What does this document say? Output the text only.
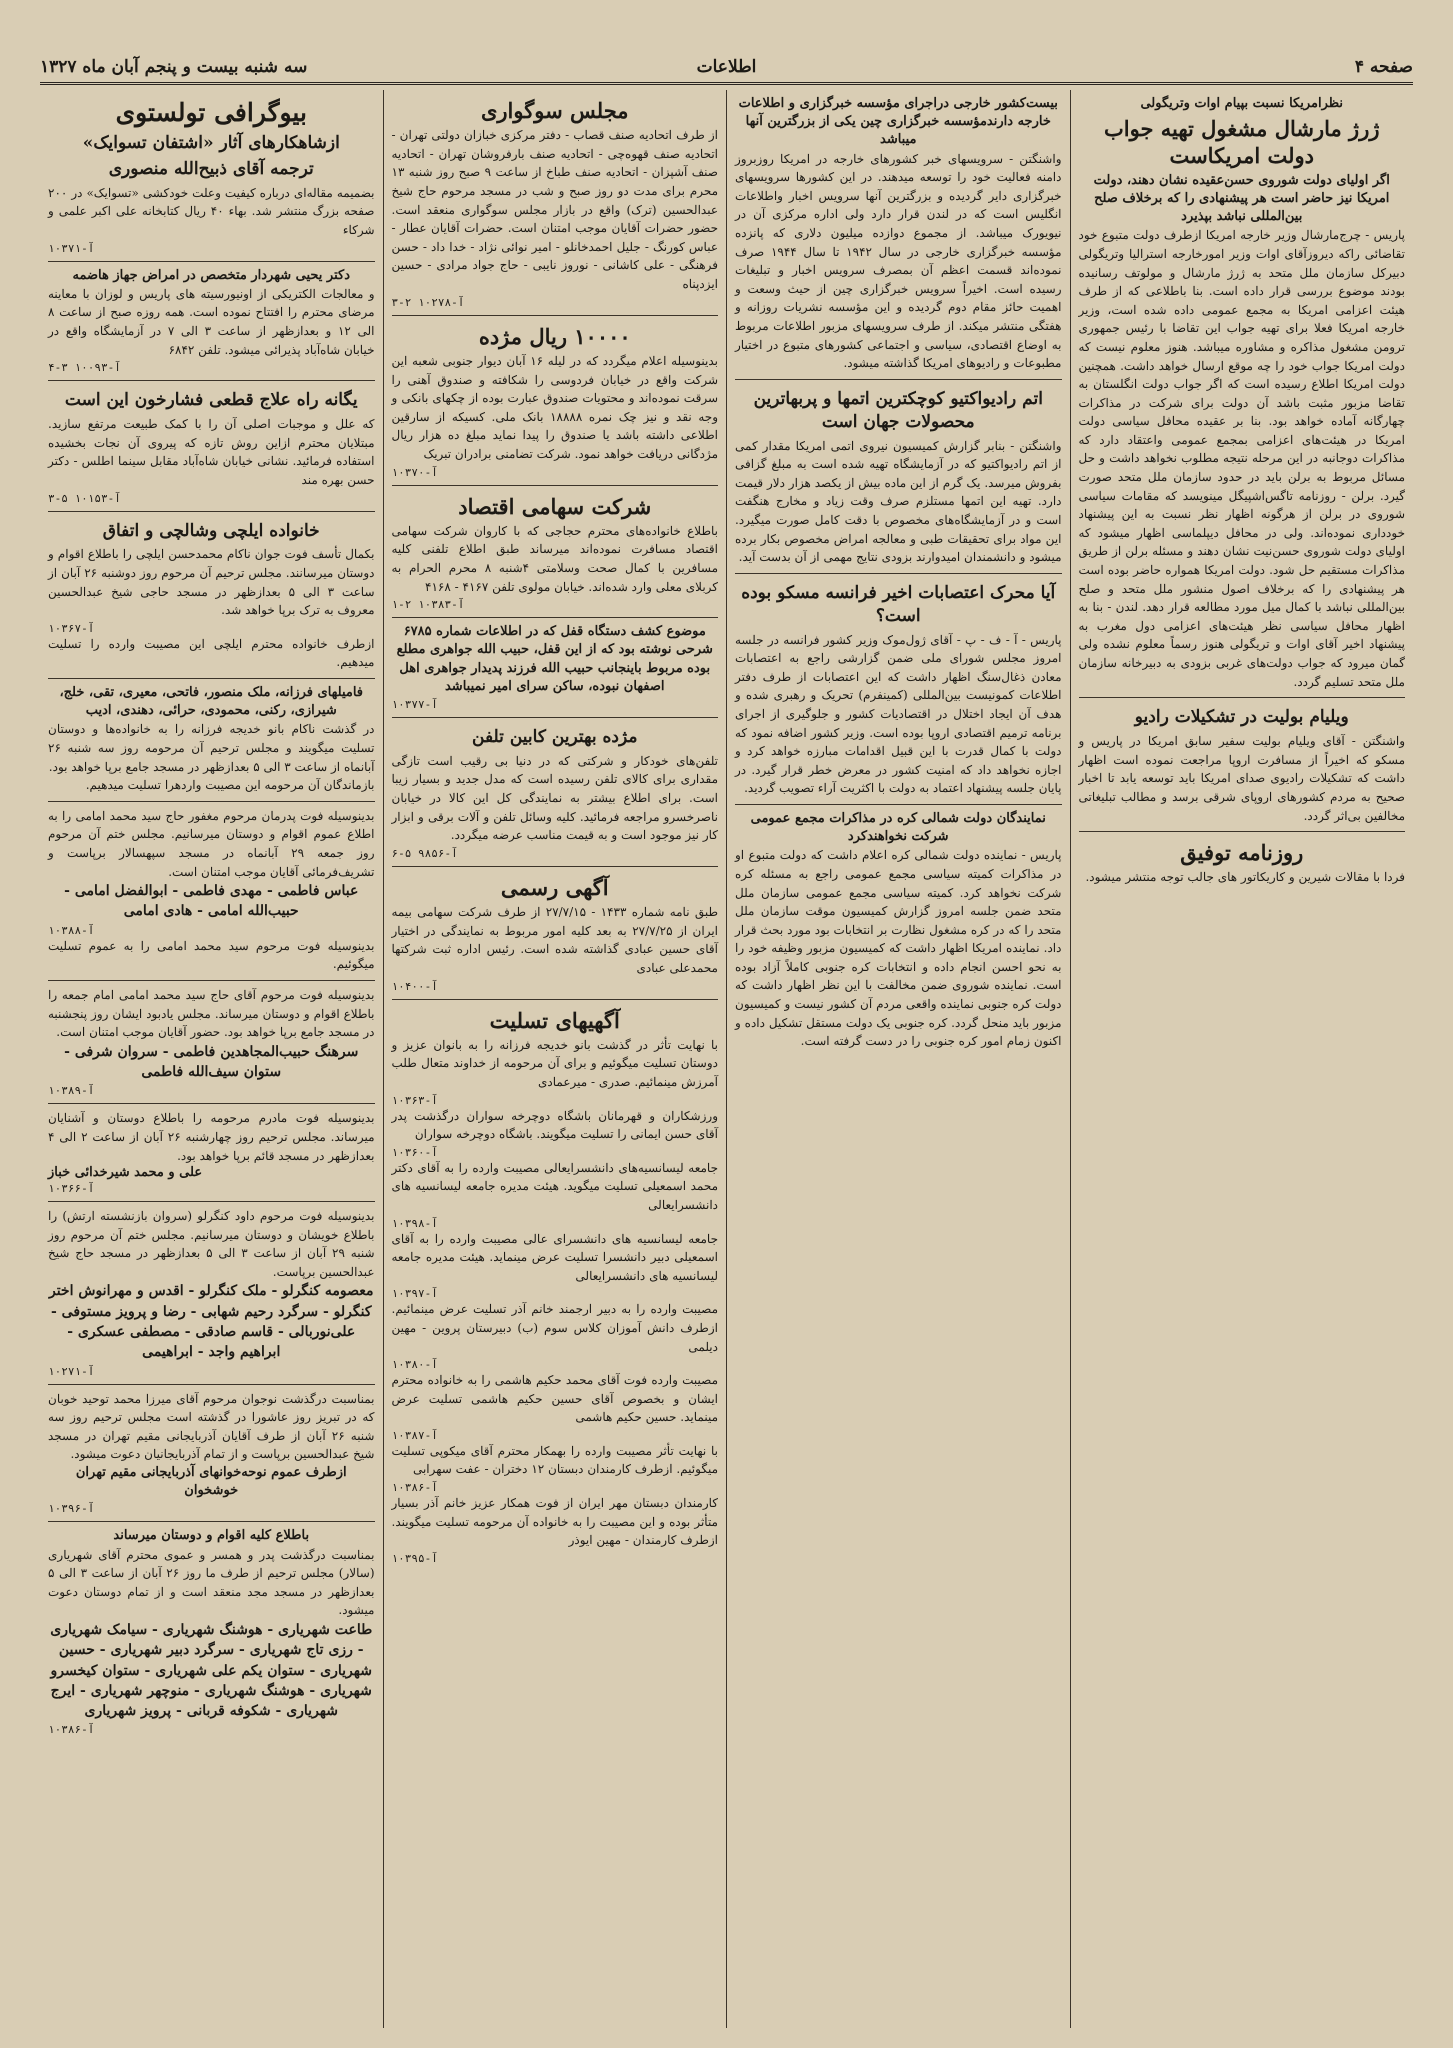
صفحه ۴
اطلاعات
سه شنبه بیست و پنجم آبان ماه ۱۳۲۷
نظرامریکا نسبت بپیام اوات وتریگولی
ژرژ مارشال مشغول تهیه جواب دولت امریکاست
اگر اولیای دولت شوروی حسن‌عقیده نشان دهند، دولت امریکا نیز حاضر است هر پیشنهادی را که برخلاف صلح بین‌المللی نباشد بپذیرد

پاریس - چرج‌مارشال وزیر خارجه امریکا ازطرف دولت متبوع خود تقاضائی راکه دیروزآقای اوات وزیر امورخارجه استرالیا وتریگولی دبیرکل سازمان ملل متحد به ژرژ مارشال و مولوتف رسانیده بودند موضوع بررسی قرار داده است. بنا باطلاعی که از طرف هیئت اعزامی امریکا به مجمع عمومی داده شده است، وزیر خارجه امریکا فعلا برای تهیه جواب این تقاضا با رئیس جمهوری ترومن مشغول مذاکره و مشاوره میباشد. هنوز معلوم نیست که دولت امریکا جواب خود را چه موقع ارسال خواهد داشت. همچنین دولت امریکا اطلاع رسیده است که اگر جواب دولت انگلستان به تقاضا مزبور مثبت باشد آن دولت برای شرکت در مذاکرات چهارگانه آماده خواهد بود. بنا بر عقیده محافل سیاسی دولت امریکا در هیئت‌های اعزامی بمجمع عمومی واعتقاد دارد که مذاکرات دوجانبه در این مرحله نتیجه مطلوب نخواهد داشت و حل مسائل مربوط به برلن باید در حدود سازمان ملل متحد صورت گیرد. برلن - روزنامه تاگس‌اشپیگل مینویسد که مقامات سیاسی شوروی در برلن از هرگونه اظهار نظر نسبت به این پیشنهاد خودداری نموده‌اند. ولی در محافل دیپلماسی اظهار میشود که اولیای دولت شوروی حسن‌نیت نشان دهند و مسئله برلن از طریق مذاکرات مستقیم حل شود. دولت امریکا همواره حاضر بوده است هر پیشنهادی را که برخلاف اصول منشور ملل متحد و صلح بین‌المللی نباشد با کمال میل مورد مطالعه قرار دهد. لندن - بنا به اظهار محافل سیاسی نظر هیئت‌های اعزامی دول مغرب به پیشنهاد اخیر آقای اوات و تریگولی هنوز رسماً معلوم نشده ولی گمان میرود که جواب دولت‌های غربی بزودی به دبیرخانه سازمان ملل متحد تسلیم گردد.

ویلیام بولیت در تشکیلات رادیو

واشنگتن - آقای ویلیام بولیت سفیر سابق امریکا در پاریس و مسکو که اخیراً از مسافرت اروپا مراجعت نموده است اظهار داشت که تشکیلات رادیوی صدای امریکا باید توسعه یابد تا اخبار صحیح به مردم کشورهای اروپای شرقی برسد و مطالب تبلیغاتی مخالفین بی‌اثر گردد.

روزنامه توفیق

فردا با مقالات شیرین و کاریکاتور های جالب توجه منتشر میشود.

بیست‌کشور خارجی دراجرای مؤسسه خبرگزاری و اطلاعات خارجه دارندمؤسسه خبرگزاری چین یکی از بزرگترین آنها میباشد

واشنگتن - سرویسهای خبر کشورهای خارجه در امریکا روزبروز دامنه فعالیت خود را توسعه میدهند. در این کشورها سرویسهای خبرگزاری دایر گردیده و بزرگترین آنها سرویس اخبار واطلاعات انگلیس است که در لندن قرار دارد ولی اداره مرکزی آن در نیویورک میباشد. از مجموع دوازده میلیون دلاری که پانزده مؤسسه خبرگزاری خارجی در سال ۱۹۴۲ تا سال ۱۹۴۴ صرف نموده‌اند قسمت اعظم آن بمصرف سرویس اخبار و تبلیغات رسیده است. اخیراً سرویس خبرگزاری چین از حیث وسعت و اهمیت حائز مقام دوم گردیده و این مؤسسه نشریات روزانه و هفتگی منتشر میکند. از طرف سرویسهای مزبور اطلاعات مربوط به اوضاع اقتصادی، سیاسی و اجتماعی کشورهای متبوع در اختیار مطبوعات و رادیوهای امریکا گذاشته میشود.

اتم رادیواکتیو کوچکترین اتمها و پربهاترین محصولات جهان است

واشنگتن - بنابر گزارش کمیسیون نیروی اتمی امریکا مقدار کمی از اتم رادیواکتیو که در آزمایشگاه تهیه شده است به مبلغ گزافی بفروش میرسد. یک گرم از این ماده بیش از یکصد هزار دلار قیمت دارد. تهیه این اتمها مستلزم صرف وقت زیاد و مخارج هنگفت است و در آزمایشگاه‌های مخصوص با دقت کامل صورت میگیرد. این مواد برای تحقیقات طبی و معالجه امراض مخصوص بکار برده میشود و دانشمندان امیدوارند بزودی نتایج مهمی از آن بدست آید.

آیا محرک اعتصابات اخیر فرانسه مسکو بوده است؟

پاریس - آ - ف - پ - آقای ژول‌موک وزیر کشور فرانسه در جلسه امروز مجلس شورای ملی ضمن گزارشی راجع به اعتصابات معادن ذغال‌سنگ اظهار داشت که این اعتصابات از طرف دفتر اطلاعات کمونیست بین‌المللی (کمینفرم) تحریک و رهبری شده و هدف آن ایجاد اختلال در اقتصادیات کشور و جلوگیری از اجرای برنامه ترمیم اقتصادی اروپا بوده است. وزیر کشور اضافه نمود که دولت با کمال قدرت با این قبیل اقدامات مبارزه خواهد کرد و اجازه نخواهد داد که امنیت کشور در معرض خطر قرار گیرد. در پایان جلسه پیشنهاد اعتماد به دولت با اکثریت آراء تصویب گردید.

نمایندگان دولت شمالی کره در مذاکرات مجمع عمومی شرکت نخواهندکرد

پاریس - نماینده دولت شمالی کره اعلام داشت که دولت متبوع او در مذاکرات کمیته سیاسی مجمع عمومی راجع به مسئله کره شرکت نخواهد کرد. کمیته سیاسی مجمع عمومی سازمان ملل متحد ضمن جلسه امروز گزارش کمیسیون موقت سازمان ملل متحد را که در کره مشغول نظارت بر انتخابات بود مورد بحث قرار داد. نماینده امریکا اظهار داشت که کمیسیون مزبور وظیفه خود را به نحو احسن انجام داده و انتخابات کره جنوبی کاملاً آزاد بوده است. نماینده شوروی ضمن مخالفت با این نظر اظهار داشت که دولت کره جنوبی نماینده واقعی مردم آن کشور نیست و کمیسیون مزبور باید منحل گردد. کره جنوبی یک دولت مستقل تشکیل داده و اکنون زمام امور کره جنوبی را در دست گرفته است.

مجلس سوگواری

از طرف اتحادیه صنف قصاب - دفتر مرکزی خبازان دولتی تهران - اتحادیه صنف قهوه‌چی - اتحادیه صنف بارفروشان تهران - اتحادیه صنف آشپزان - اتحادیه صنف طباخ از ساعت ۹ صبح روز شنبه ۱۳ محرم برای مدت دو روز صبح و شب در مسجد مرحوم حاج شیخ عبدالحسین (ترک) واقع در بازار مجلس سوگواری منعقد است. حضور حضرات آقایان موجب امتنان است. حضرات آقایان عطار - عباس کورنگ - جلیل احمدخانلو - امیر نوائی نژاد - خدا داد - حسن فرهنگی - علی کاشانی - نوروز نایبی - حاج جواد مرادی - حسین ایزدپناه

آ-۱۰۲۷۸ ۲-۳
۱۰۰۰۰ ریال مژده

بدینوسیله اعلام میگردد که در لیله ۱۶ آبان دیوار جنوبی شعبه این شرکت واقع در خیابان فردوسی را شکافته و صندوق آهنی را سرقت نموده‌اند و محتویات صندوق عبارت بوده از چکهای بانکی و وجه نقد و نیز چک نمره ۱۸۸۸۸ بانک ملی. کسیکه از سارقین اطلاعی داشته باشد یا صندوق را پیدا نماید مبلغ ده هزار ریال مژدگانی دریافت خواهد نمود. شرکت تضامنی برادران تبریک

آ-۱۰۳۷۰
شرکت سهامی اقتصاد

باطلاع خانواده‌های محترم حجاجی که با کاروان شرکت سهامی اقتصاد مسافرت نموده‌اند میرساند طبق اطلاع تلفنی کلیه مسافرین با کمال صحت وسلامتی ۴شنبه ۸ محرم الحرام به کربلای معلی وارد شده‌اند. خیابان مولوی تلفن ۴۱۶۷ - ۴۱۶۸

آ-۱۰۳۸۳ ۲-۱
موضوع کشف دستگاه قفل که در اطلاعات شماره ۶۷۸۵ شرحی نوشته بود که از این قفل، حبیب الله جواهری مطلع بوده مربوط باینجانب حبیب الله فرزند پدیدار جواهری اهل اصفهان نبوده، ساکن سرای امیر نمیباشد
آ-۱۰۳۷۷
مژده بهترین کابین تلفن

تلفن‌های خودکار و شرکتی که در دنیا بی رقیب است تازگی مقداری برای کالای تلفن رسیده است که مدل جدید و بسیار زیبا است. برای اطلاع بیشتر به نمایندگی کل این کالا در خیابان ناصرخسرو مراجعه فرمائید. کلیه وسائل تلفن و آلات برقی و ابزار کار نیز موجود است و به قیمت مناسب عرضه میگردد.

آ-۹۸۵۶ ۵-۶
آگهی رسمی

طبق نامه شماره ۱۴۳۳ - ۲۷/۷/۱۵ از طرف شرکت سهامی بیمه ایران از ۲۷/۷/۲۵ به بعد کلیه امور مربوط به نمایندگی در اختیار آقای حسین عبادی گذاشته شده است. رئیس اداره ثبت شرکتها محمدعلی عبادی

آ-۱۰۴۰۰
آگهیهای تسلیت

با نهایت تأثر در گذشت بانو خدیجه فرزانه را به بانوان عزیز و دوستان تسلیت میگوئیم و برای آن مرحومه از خداوند متعال طلب آمرزش مینمائیم. صدری - میرعمادی

آ-۱۰۳۶۳

ورزشکاران و قهرمانان باشگاه دوچرخه سواران درگذشت پدر آقای حسن ایمانی را تسلیت میگویند. باشگاه دوچرخه سواران

آ-۱۰۳۶۰

جامعه لیسانسیه‌های دانشسرایعالی مصیبت وارده را به آقای دکتر محمد اسمعیلی تسلیت میگوید. هیئت مدیره جامعه لیسانسیه های دانشسرایعالی

آ-۱۰۳۹۸

جامعه لیسانسیه های دانشسرای عالی مصیبت وارده را به آقای اسمعیلی دبیر دانشسرا تسلیت عرض مینماید. هیئت مدیره جامعه لیسانسیه های دانشسرایعالی

آ-۱۰۳۹۷

مصیبت وارده را به دبیر ارجمند خانم آذر تسلیت عرض مینمائیم. ازطرف دانش آموزان کلاس سوم (ب) دبیرستان پروین - مهین دیلمی

آ-۱۰۳۸۰

مصیبت وارده فوت آقای محمد حکیم هاشمی را به خانواده محترم ایشان و بخصوص آقای حسین حکیم هاشمی تسلیت عرض مینماید. حسین حکیم هاشمی

آ-۱۰۳۸۷

با نهایت تأثر مصیبت وارده را بهمکار محترم آقای میکوپی تسلیت میگوئیم. ازطرف کارمندان دبستان ۱۲ دختران - عفت سهرابی

آ-۱۰۳۸۶

کارمندان دبستان مهر ایران از فوت همکار عزیز خانم آذر بسیار متأثر بوده و این مصیبت را به خانواده آن مرحومه تسلیت میگویند. ازطرف کارمندان - مهین ایوذر

آ-۱۰۳۹۵
بیوگرافی تولستوی
ازشاهکارهای آثار «اشتفان تسوایک»
ترجمه آقای ذبیح‌الله منصوری

بضمیمه مقاله‌ای درباره کیفیت وعلت خودکشی «تسوایک» در ۲۰۰ صفحه بزرگ منتشر شد. بهاء ۴۰ ریال کتابخانه علی اکبر علمی و شرکاء

آ-۱۰۳۷۱
دکتر یحیی شهردار متخصص در امراض جهاز هاضمه

و معالجات الکتریکی از اونیورسیته های پاریس و لوزان با معاینه مرضای محترم را افتتاح نموده است. همه روزه صبح از ساعت ۸ الی ۱۲ و بعدازظهر از ساعت ۳ الی ۷ در آزمایشگاه واقع در خیابان شاه‌آباد پذیرائی میشود. تلفن ۶۸۴۲

آ-۱۰۰۹۳ ۳-۴
یگانه راه علاج قطعی فشارخون این است

که علل و موجبات اصلی آن را با کمک طبیعت مرتفع سازید. مبتلایان محترم ازاین روش تازه که پیروی آن نجات بخشیده استفاده فرمائید. نشانی خیابان شاه‌آباد مقابل سینما اطلس - دکتر حسن بهره مند

آ-۱۰۱۵۳ ۵-۳
خانواده ایلچی وشالچی و اتفاق

بکمال تأسف فوت جوان ناکام محمدحسن ایلچی را باطلاع اقوام و دوستان میرسانند. مجلس ترحیم آن مرحوم روز دوشنبه ۲۶ آبان از ساعت ۳ الی ۵ بعدازظهر در مسجد حاجی شیخ عبدالحسین معروف به ترک برپا خواهد شد.

آ-۱۰۳۶۷

ازطرف خانواده محترم ایلچی این مصیبت وارده را تسلیت میدهیم.

فامیلهای فرزانه، ملک منصور، فاتحی، معیری، تقی، خلج، شیرازی، رکنی، محمودی، حرائی، دهندی، ادیب

در گذشت ناکام بانو خدیجه فرزانه را به خانواده‌ها و دوستان تسلیت میگویند و مجلس ترحیم آن مرحومه روز سه شنبه ۲۶ آبانماه از ساعت ۳ الی ۵ بعدازظهر در مسجد جامع برپا خواهد بود.

بازماندگان آن مرحومه این مصیبت واردهرا تسلیت میدهیم.

بدینوسیله فوت پدرمان مرحوم مغفور حاج سید محمد امامی را به اطلاع عموم اقوام و دوستان میرسانیم. مجلس ختم آن مرحوم روز جمعه ۲۹ آبانماه در مسجد سپهسالار برپاست و تشریف‌فرمائی آقایان موجب امتنان است.

عباس فاطمی - مهدی فاطمی - ابوالفضل امامی - حبیب‌الله امامی - هادی امامی
آ-۱۰۳۸۸

بدینوسیله فوت مرحوم سید محمد امامی را به عموم تسلیت میگوئیم.

بدینوسیله فوت مرحوم آقای حاج سید محمد امامی امام جمعه را باطلاع اقوام و دوستان میرساند. مجلس یادبود ایشان روز پنجشنبه در مسجد جامع برپا خواهد بود. حضور آقایان موجب امتنان است.

سرهنگ حبیب‌المجاهدین فاطمی - سروان شرفی - ستوان سیف‌الله فاطمی
آ-۱۰۳۸۹

بدینوسیله فوت مادرم مرحومه را باطلاع دوستان و آشنایان میرساند. مجلس ترحیم روز چهارشنبه ۲۶ آبان از ساعت ۲ الی ۴ بعدازظهر در مسجد قائم برپا خواهد بود.

علی و محمد شیرخدائی خباز
آ-۱۰۳۶۶

بدینوسیله فوت مرحوم داود کنگرلو (سروان بازنشسته ارتش) را باطلاع خویشان و دوستان میرسانیم. مجلس ختم آن مرحوم روز شنبه ۲۹ آبان از ساعت ۳ الی ۵ بعدازظهر در مسجد حاج شیخ عبدالحسین برپاست.

معصومه کنگرلو - ملک کنگرلو - اقدس و مهرانوش اختر کنگرلو - سرگرد رحیم شهابی - رضا و پرویز مستوفی - علی‌نوربالی - قاسم صادقی - مصطفی عسکری - ابراهیم واجد - ابراهیمی
آ-۱۰۲۷۱

بمناسبت درگذشت نوجوان مرحوم آقای میرزا محمد توحید خوبان که در تبریز روز عاشورا در گذشته است مجلس ترحیم روز سه شنبه ۲۶ آبان از طرف آقایان آذربایجانی مقیم تهران در مسجد شیخ عبدالحسین برپاست و از تمام آذربایجانیان دعوت میشود.

ازطرف عموم نوحه‌خوانهای آذربایجانی مقیم تهران خوشخوان
آ-۱۰۳۹۶
باطلاع کلیه اقوام و دوستان میرساند

بمناسبت درگذشت پدر و همسر و عموی محترم آقای شهریاری (سالار) مجلس ترحیم از طرف ما روز ۲۶ آبان از ساعت ۳ الی ۵ بعدازظهر در مسجد مجد منعقد است و از تمام دوستان دعوت میشود.

طاعت شهریاری - هوشنگ شهریاری - سیامک شهریاری - رزی تاج شهریاری - سرگرد دبیر شهریاری - حسین شهریاری - ستوان یکم علی شهریاری - ستوان کیخسرو شهریاری - هوشنگ شهریاری - منوچهر شهریاری - ایرج شهریاری - شکوفه قربانی - پرویز شهریاری
آ-۱۰۳۸۶
